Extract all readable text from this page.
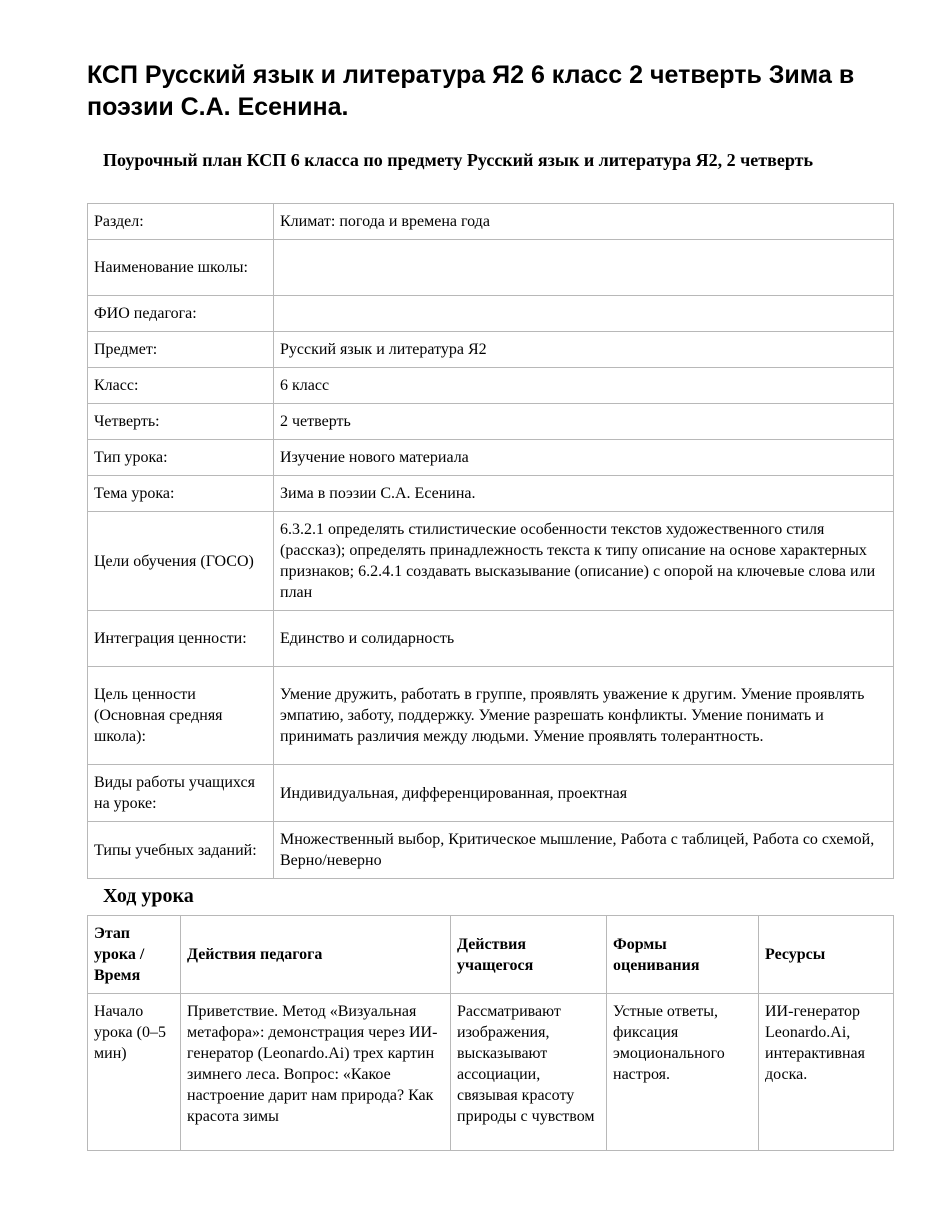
КСП Русский язык и литература Я2 6 класс 2 четверть Зима в поэзии С.А. Есенина.
Поурочный план КСП 6 класса по предмету Русский язык и литература Я2, 2 четверть
Раздел:	Климат: погода и времена года
Наименование школы:	
ФИО педагога:	
Предмет:	Русский язык и литература Я2
Класс:	6 класс
Четверть:	2 четверть
Тип урока:	Изучение нового материала
Тема урока:	Зима в поэзии С.А. Есенина.
Цели обучения (ГОСО)	6.3.2.1 определять стилистические особенности текстов художественного стиля (рассказ); определять принадлежность текста к типу описание на основе характерных признаков; 6.2.4.1 создавать высказывание (описание) с опорой на ключевые слова или план
Интеграция ценности:	Единство и солидарность
Цель ценности (Основная средняя школа):	Умение дружить, работать в группе, проявлять уважение к другим. Умение проявлять эмпатию, заботу, поддержку. Умение разрешать конфликты. Умение понимать и принимать различия между людьми. Умение проявлять толерантность.
Виды работы учащихся на уроке:	Индивидуальная, дифференцированная, проектная
Типы учебных заданий:	Множественный выбор, Критическое мышление, Работа с таблицей, Работа со схемой, Верно/неверно
Ход урока
Этап урока / Время	Действия педагога	Действия учащегося	Формы оценивания	Ресурсы
Начало урока (0–5 мин)	Приветствие. Метод «Визуальная метафора»: демонстрация через ИИ-генератор (Leonardo.Ai) трех картин зимнего леса. Вопрос: «Какое настроение дарит нам природа? Как красота зимы	Рассматривают изображения, высказывают ассоциации, связывая красоту природы с чувством	Устные ответы, фиксация эмоционального настроя.	ИИ-генератор Leonardo.Ai, интерактивная доска.
